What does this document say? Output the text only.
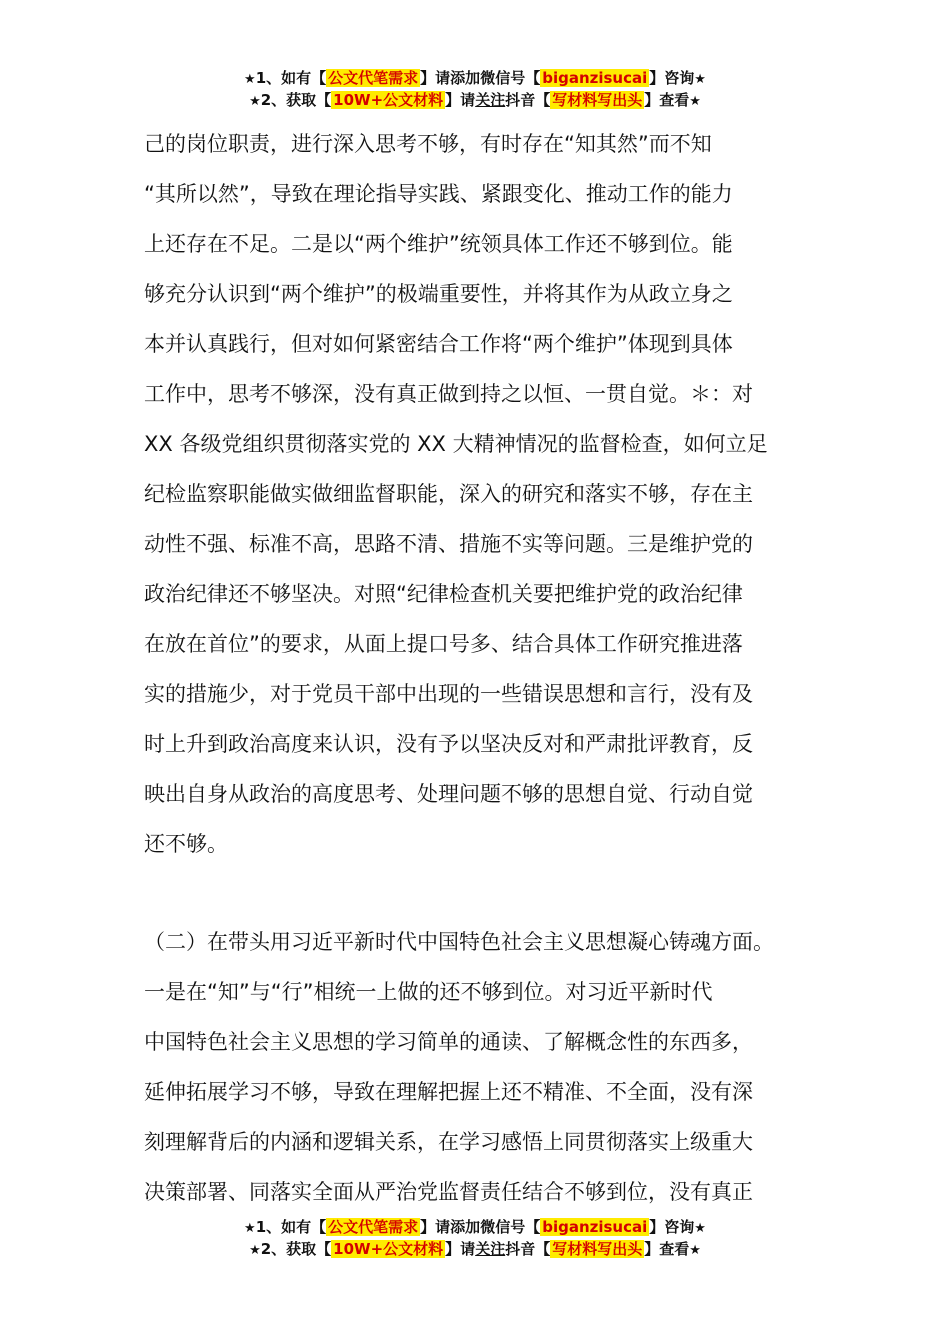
★1、如有【 公文代笔需求 】请添加微信号【 biganzisucai 】咨询★
★2、获取【 10W+公文材料 】请关注抖音【 写材料写出头 】查看★
己的岗位职责，进行深入思考不够，有时存在“知其然”而不知
“其所以然”，导致在理论指导实践、紧跟变化、推动工作的能力
上还存在不足。二是以“两个维护”统领具体工作还不够到位。能
够充分认识到“两个维护”的极端重要性，并将其作为从政立身之
本并认真践行，但对如何紧密结合工作将“两个维护”体现到具体
工作中，思考不够深，没有真正做到持之以恒、一贯自觉。＊：对
XX 各级党组织贯彻落实党的 XX 大精神情况的监督检查，如何立足
纪检监察职能做实做细监督职能，深入的研究和落实不够，存在主
动性不强、标准不高，思路不清、措施不实等问题。三是维护党的
政治纪律还不够坚决。对照“纪律检查机关要把维护党的政治纪律
在放在首位”的要求，从面上提口号多、结合具体工作研究推进落
实的措施少，对于党员干部中出现的一些错误思想和言行，没有及
时上升到政治高度来认识，没有予以坚决反对和严肃批评教育，反
映出自身从政治的高度思考、处理问题不够的思想自觉、行动自觉
还不够。
（二）在带头用习近平新时代中国特色社会主义思想凝心铸魂方面。
一是在“知”与“行”相统一上做的还不够到位。对习近平新时代
中国特色社会主义思想的学习简单的通读、了解概念性的东西多，
延伸拓展学习不够，导致在理解把握上还不精准、不全面，没有深
刻理解背后的内涵和逻辑关系，在学习感悟上同贯彻落实上级重大
决策部署、同落实全面从严治党监督责任结合不够到位，没有真正
★1、如有【 公文代笔需求 】请添加微信号【 biganzisucai 】咨询★
★2、获取【 10W+公文材料 】请关注抖音【 写材料写出头 】查看★
